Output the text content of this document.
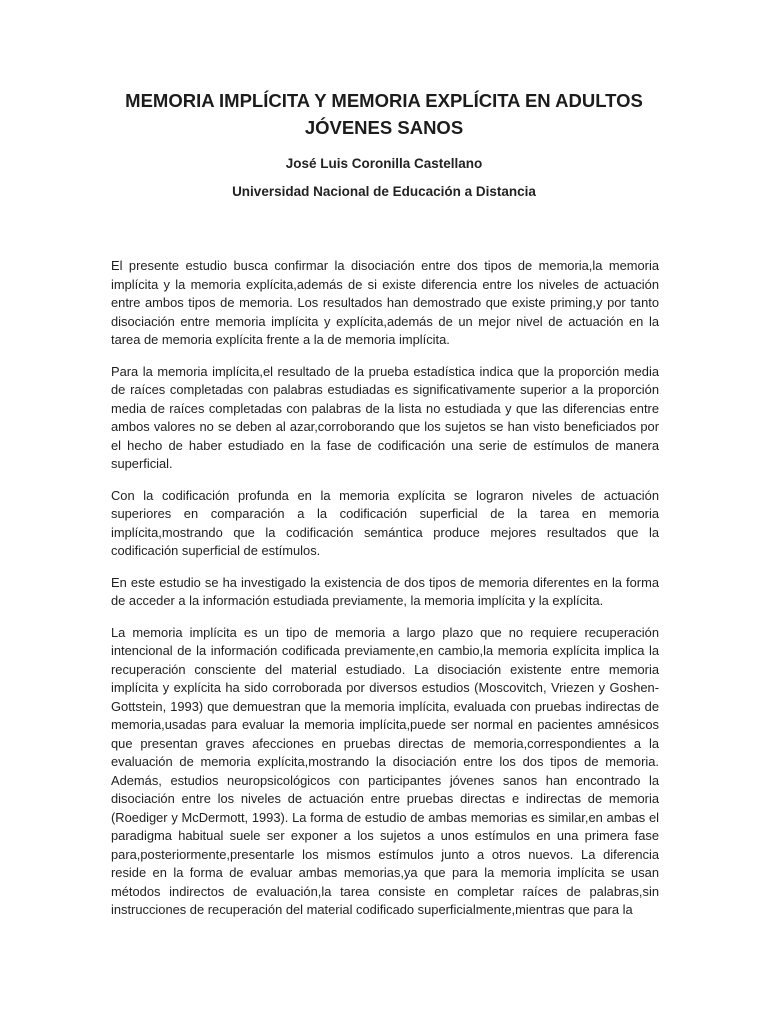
MEMORIA IMPLÍCITA Y MEMORIA EXPLÍCITA EN ADULTOS JÓVENES SANOS

José Luis Coronilla Castellano

Universidad Nacional de Educación a Distancia

El presente estudio busca confirmar la disociación entre dos tipos de memoria,la memoria implícita y la memoria explícita,además de si existe diferencia entre los niveles de actuación entre ambos tipos de memoria. Los resultados han demostrado que existe priming,y por tanto disociación entre memoria implícita y explícita,además de un mejor nivel de actuación en la tarea de memoria explícita frente a la de memoria implícita.

Para la memoria implícita,el resultado de la prueba estadística indica que la proporción media de raíces completadas con palabras estudiadas es significativamente superior a la proporción media de raíces completadas con palabras de la lista no estudiada y que las diferencias entre ambos valores no se deben al azar,corroborando que los sujetos se han visto beneficiados por el hecho de haber estudiado en la fase de codificación una serie de estímulos de manera superficial.

Con la codificación profunda en la memoria explícita se lograron niveles de actuación superiores en comparación a la codificación superficial de la tarea en memoria implícita,mostrando que la codificación semántica produce mejores resultados que la codificación superficial de estímulos.

En este estudio se ha investigado la existencia de dos tipos de memoria diferentes en la forma de acceder a la información estudiada previamente, la memoria implícita y la explícita.

La memoria implícita es un tipo de memoria a largo plazo que no requiere recuperación intencional de la información codificada previamente,en cambio,la memoria explícita implica la recuperación consciente del material estudiado. La disociación existente entre memoria implícita y explícita ha sido corroborada por diversos estudios (Moscovitch, Vriezen y Goshen-Gottstein, 1993) que demuestran que la memoria implícita, evaluada con pruebas indirectas de memoria,usadas para evaluar la memoria implícita,puede ser normal en pacientes amnésicos que presentan graves afecciones en pruebas directas de memoria,correspondientes a la evaluación de memoria explícita,mostrando la disociación entre los dos tipos de memoria. Además, estudios neuropsicológicos con participantes jóvenes sanos han encontrado la disociación entre los niveles de actuación entre pruebas directas e indirectas de memoria (Roediger y McDermott, 1993). La forma de estudio de ambas memorias es similar,en ambas el paradigma habitual suele ser exponer a los sujetos a unos estímulos en una primera fase para,posteriormente,presentarle los mismos estímulos junto a otros nuevos. La diferencia reside en la forma de evaluar ambas memorias,ya que para la memoria implícita se usan métodos indirectos de evaluación,la tarea consiste en completar raíces de palabras,sin instrucciones de recuperación del material codificado superficialmente,mientras que para la
